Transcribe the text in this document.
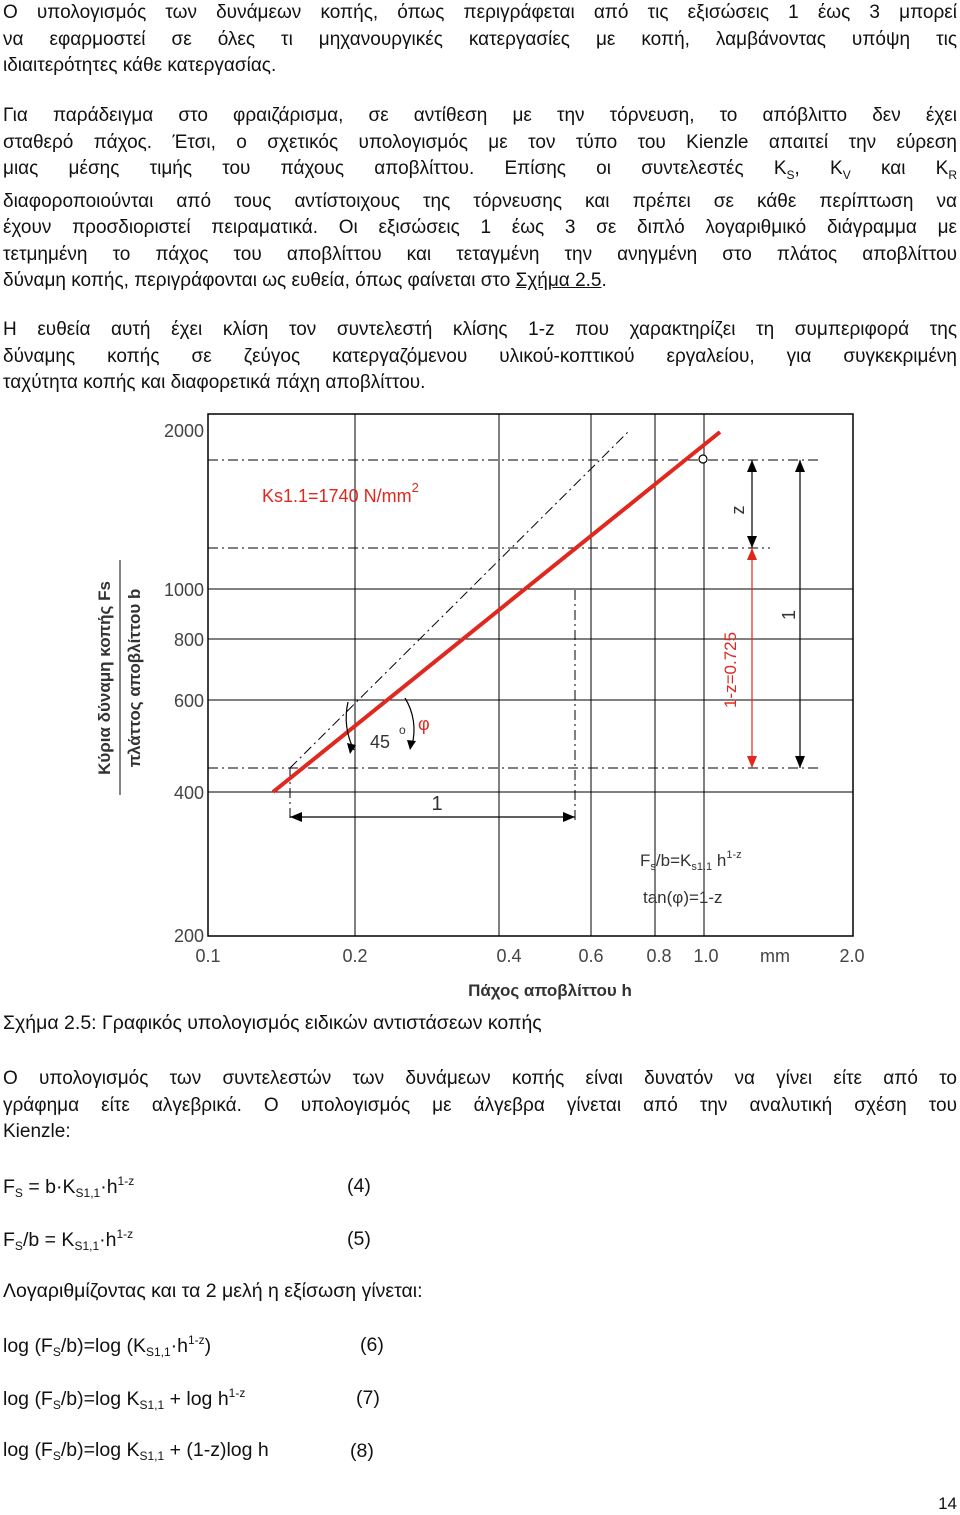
Ο υπολογισμός των δυνάμεων κοπής, όπως περιγράφεται από τις εξισώσεις 1 έως 3 μπορεί
να εφαρμοστεί σε όλες τι μηχανουργικές κατεργασίες με κοπή, λαμβάνοντας υπόψη τις
ιδιαιτερότητες κάθε κατεργασίας.
Για παράδειγμα στο φραιζάρισμα, σε αντίθεση με την τόρνευση, το απόβλιττο δεν έχει
σταθερό πάχος. Έτσι, ο σχετικός υπολογισμός με τον τύπο του Kienzle απαιτεί την εύρεση
μιας μέσης τιμής του πάχους αποβλίττου. Επίσης οι συντελεστές $K_S$, $K_V$ και $K_R$
διαφοροποιούνται από τους αντίστοιχους της τόρνευσης και πρέπει σε κάθε περίπτωση να
έχουν προσδιοριστεί πειραματικά. Οι εξισώσεις 1 έως 3 σε διπλό λογαριθμικό διάγραμμα με
τετμημένη το πάχος του αποβλίττου και τεταγμένη την ανηγμένη στο πλάτος αποβλίττου
δύναμη κοπής, περιγράφονται ως ευθεία, όπως φαίνεται στο Σχήμα 2.5.
Η ευθεία αυτή έχει κλίση τον συντελεστή κλίσης 1-z που χαρακτηρίζει τη συμπεριφορά της
δύναμης κοπής σε ζεύγος κατεργαζόμενου υλικού-κοπτικού εργαλείου, για συγκεκριμένη
ταχύτητα κοπής και διαφορετικά πάχη αποβλίττου.
2000
1000
800
600
400
200
0.1	0.2	0.4	0.6 0.8 1.0 mm	2.0
Πάχος αποβλίττου h
Κύρια δύναμη κοπής Fs πλάττος αποβλίττου b
Ks1.1=1740 $N/mm^2$
45
o φ
1
z
1-z=0.725
1
$F_s/b=K_{s1.1}$ $h^{1-z}$
tan(φ)=1-z
Σχήμα 2.5: Γραφικός υπολογισμός ειδικών αντιστάσεων κοπής
Ο υπολογισμός των συντελεστών των δυνάμεων κοπής είναι δυνατόν να γίνει είτε από το
γράφημα είτε αλγεβρικά. Ο υπολογισμός με άλγεβρα γίνεται από την αναλυτική σχέση του
Kienzle:
$F_S = b\cdot K_{S1,1}\cdot h^{1-z}$	(4)
$F_S/b = K_{S1,1}\cdot h^{1-z}$	(5)
Λογαριθμίζοντας και τα 2 μελή η εξίσωση γίνεται:
$\log (F_S/b)=\log$ $(K_{S1,1}\cdot h^{1-z})$	(6)
$\log (F_S/b)=\log$ $K_{S1,1} + \log h^{1-z}$	(7)
$\log (F_S/b)=\log$ $K_{S1,1} + (1-z)\log$ h	(8)
14
